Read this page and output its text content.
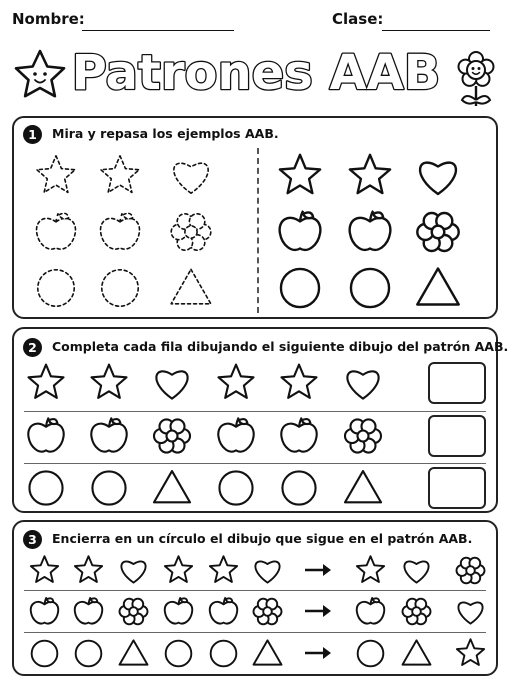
Nombre:	Clase:
Patrones AAB
1	Mira y repasa los ejemplos AAB.
2	Completa cada fila dibujando el siguiente dibujo del patrón AAB.
3	Encierra en un círculo el dibujo que sigue en el patrón AAB.
